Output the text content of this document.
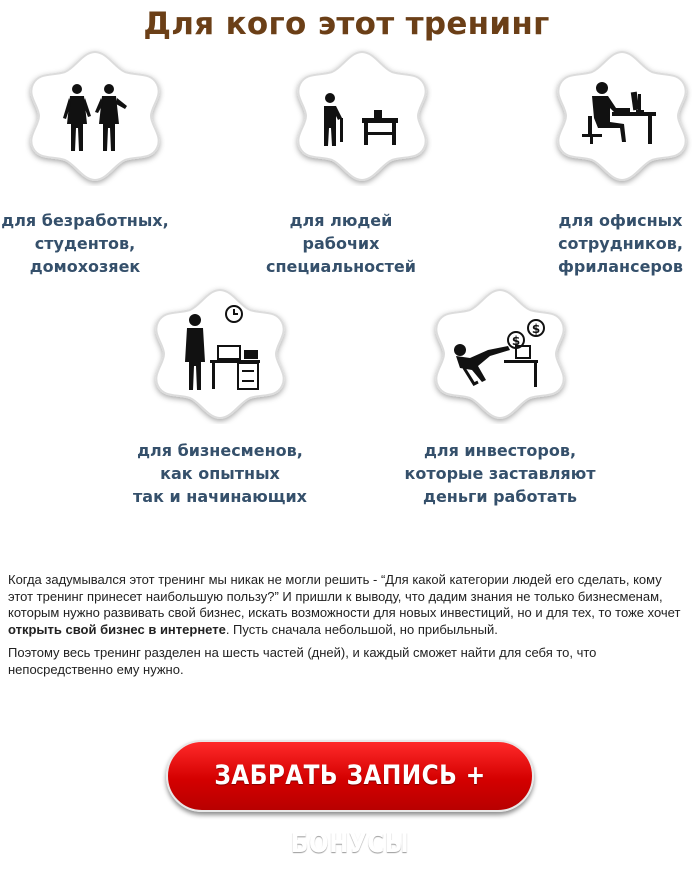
Для кого этот тренинг
$
$
для безработных,
студентов,
домохозяек
для людей
рабочих
специальностей
для офисных
сотрудников,
фрилансеров
для бизнесменов,
как опытных
так и начинающих
для инвесторов,
которые заставляют
деньги работать

Когда задумывался этот тренинг мы никак не могли решить - “Для какой категории людей его сделать, кому этот тренинг принесет наибольшую пользу?” И пришли к выводу, что дадим знания не только бизнесменам, которым нужно развивать свой бизнес, искать возможности для новых инвестиций, но и для тех, то тоже хочет открыть свой бизнес в интернете. Пусть сначала небольшой, но прибыльный.

Поэтому весь тренинг разделен на шесть частей (дней), и каждый сможет найти для себя то, что непосредственно ему нужно.

ЗАБРАТЬ ЗАПИСЬ + БОНУСЫ
